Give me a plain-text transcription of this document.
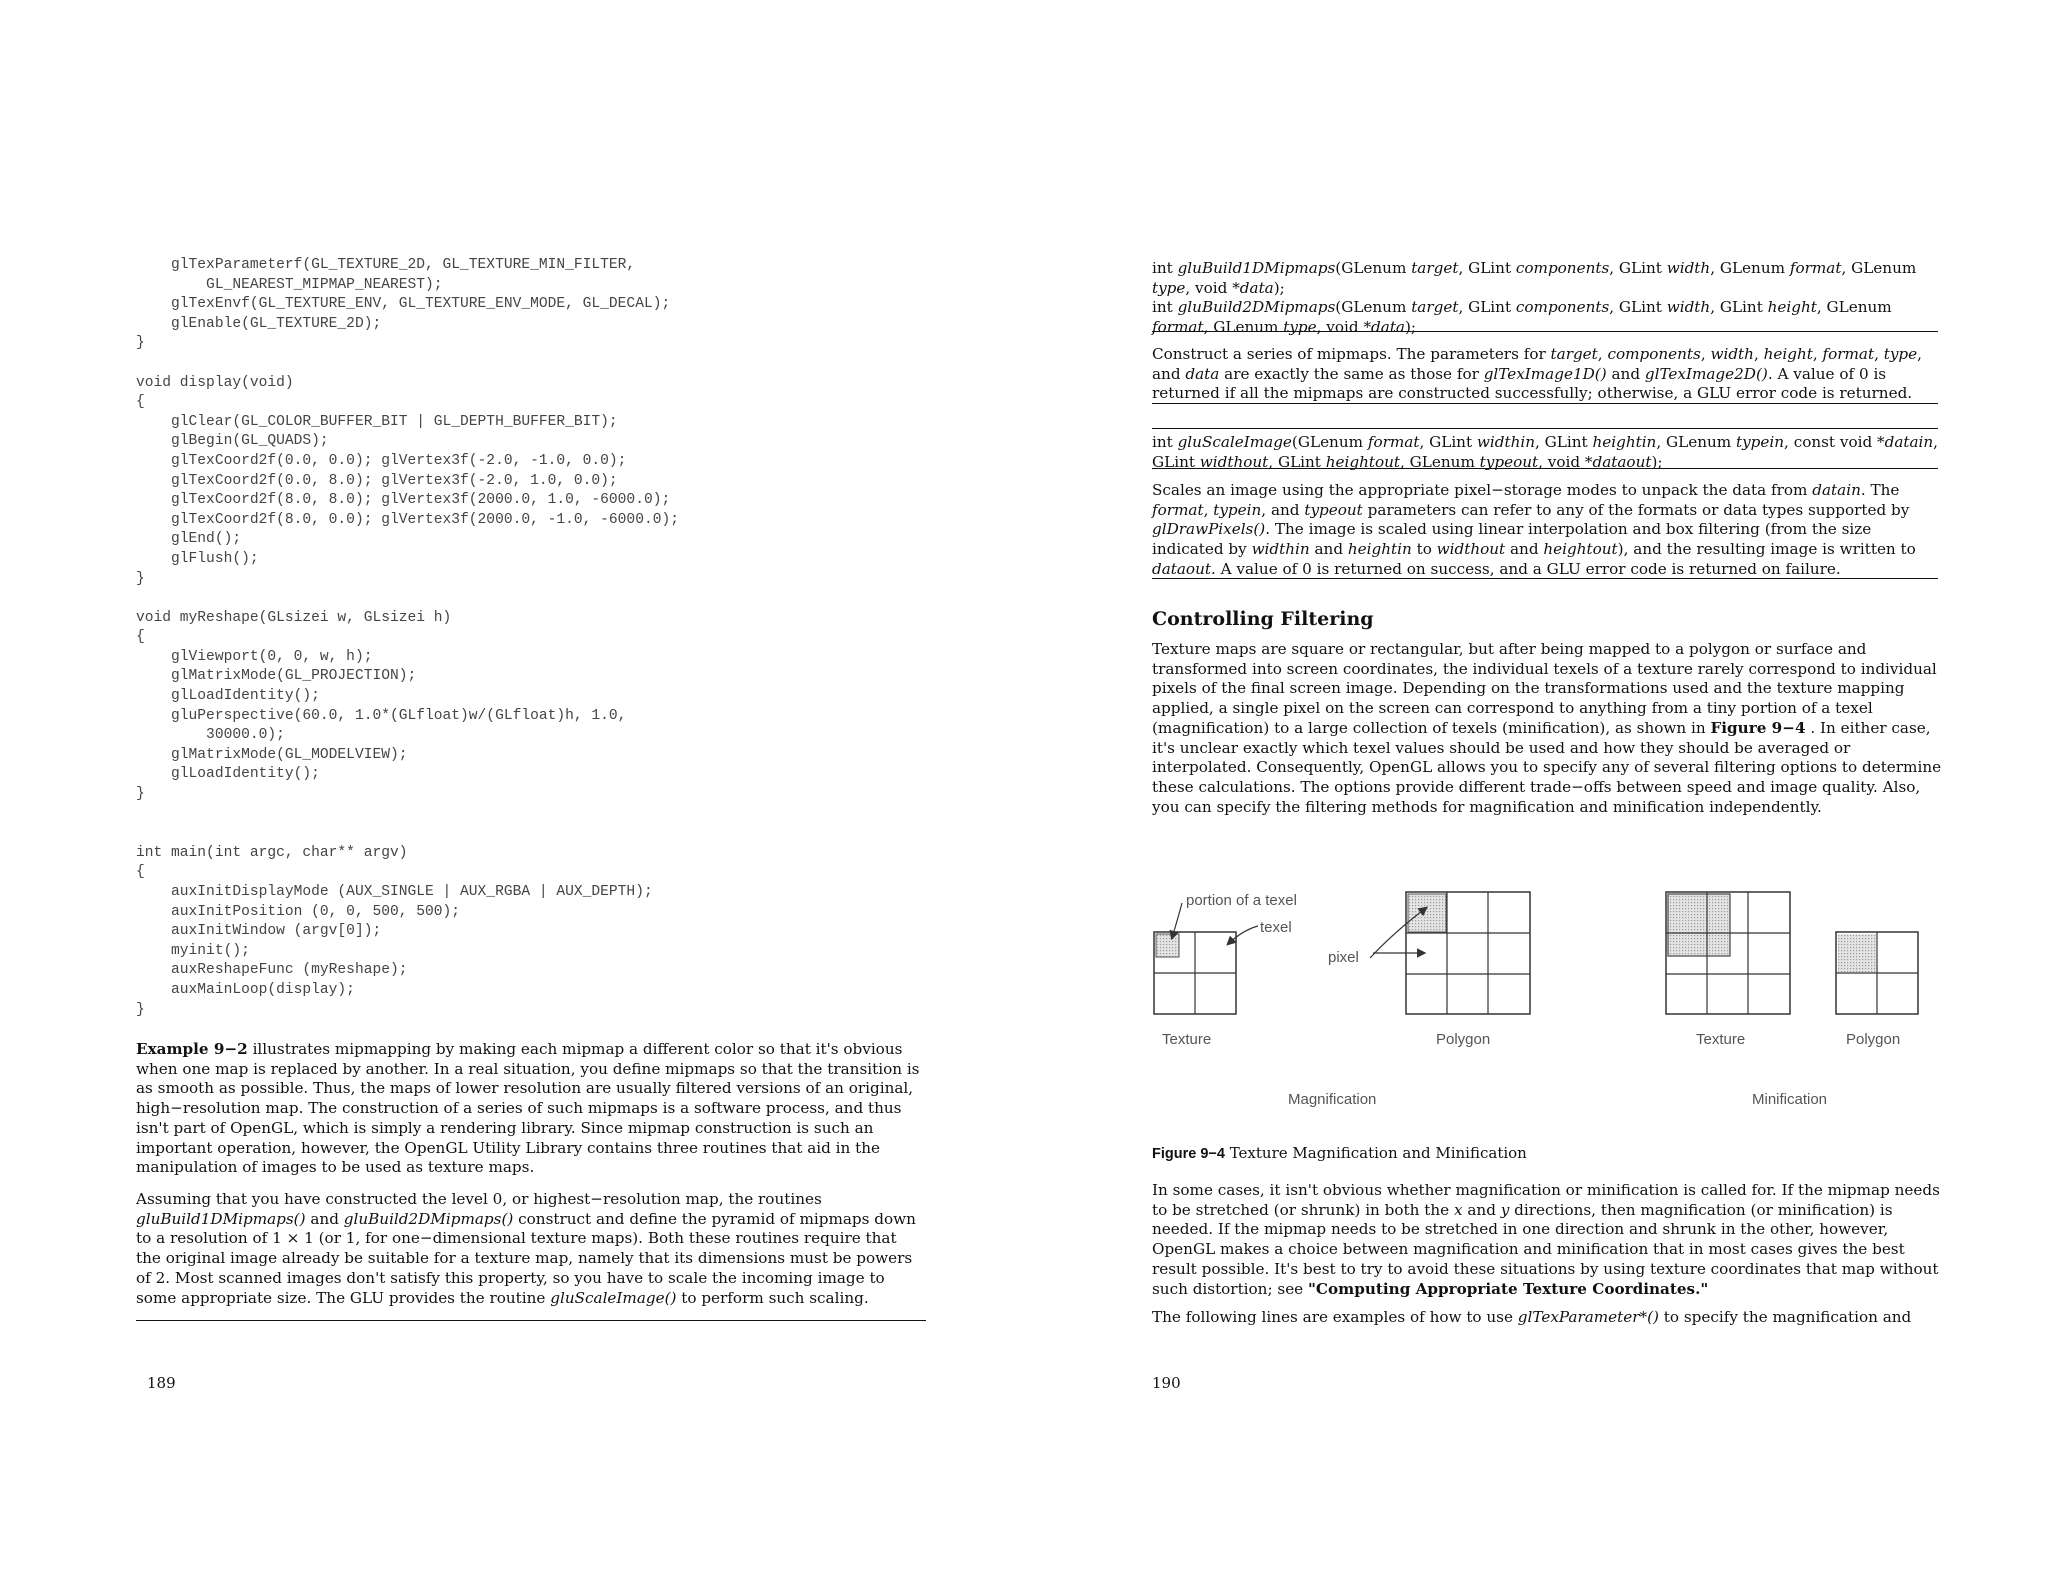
glTexParameterf(GL_TEXTURE_2D, GL_TEXTURE_MIN_FILTER,
GL_NEAREST_MIPMAP_NEAREST);
glTexEnvf(GL_TEXTURE_ENV, GL_TEXTURE_ENV_MODE, GL_DECAL);
glEnable(GL_TEXTURE_2D);
}
void display(void)
{
glClear(GL_COLOR_BUFFER_BIT | GL_DEPTH_BUFFER_BIT);
glBegin(GL_QUADS);
glTexCoord2f(0.0, 0.0); glVertex3f(-2.0, -1.0, 0.0);
glTexCoord2f(0.0, 8.0); glVertex3f(-2.0, 1.0, 0.0);
glTexCoord2f(8.0, 8.0); glVertex3f(2000.0, 1.0, -6000.0);
glTexCoord2f(8.0, 0.0); glVertex3f(2000.0, -1.0, -6000.0);
glEnd();
glFlush();
}
void myReshape(GLsizei w, GLsizei h)
{
glViewport(0, 0, w, h);
glMatrixMode(GL_PROJECTION);
glLoadIdentity();
gluPerspective(60.0, 1.0*(GLfloat)w/(GLfloat)h, 1.0,
30000.0);
glMatrixMode(GL_MODELVIEW);
glLoadIdentity();
}
int main(int argc, char** argv)
{
auxInitDisplayMode (AUX_SINGLE | AUX_RGBA | AUX_DEPTH);
auxInitPosition (0, 0, 500, 500);
auxInitWindow (argv[0]);
myinit();
auxReshapeFunc (myReshape);
auxMainLoop(display);
}

Example 9−2 illustrates mipmapping by making each mipmap a different color so that it's obvious when one map is replaced by another. In a real situation, you define mipmaps so that the transition is as smooth as possible. Thus, the maps of lower resolution are usually filtered versions of an original, high−resolution map. The construction of a series of such mipmaps is a software process, and thus isn't part of OpenGL, which is simply a rendering library. Since mipmap construction is such an important operation, however, the OpenGL Utility Library contains three routines that aid in the manipulation of images to be used as texture maps.

Assuming that you have constructed the level 0, or highest−resolution map, the routines gluBuild1DMipmaps() and gluBuild2DMipmaps() construct and define the pyramid of mipmaps down to a resolution of 1 × 1 (or 1, for one−dimensional texture maps). Both these routines require that the original image already be suitable for a texture map, namely that its dimensions must be powers of 2. Most scanned images don't satisfy this property, so you have to scale the incoming image to some appropriate size. The GLU provides the routine gluScaleImage() to perform such scaling.

189

int gluBuild1DMipmaps(GLenum target, GLint components, GLint width, GLenum format, GLenum type, void *data);
int gluBuild2DMipmaps(GLenum target, GLint components, GLint width, GLint height, GLenum format, GLenum type, void *data);

Construct a series of mipmaps. The parameters for target, components, width, height, format, type, and data are exactly the same as those for glTexImage1D() and glTexImage2D(). A value of 0 is returned if all the mipmaps are constructed successfully; otherwise, a GLU error code is returned.

int gluScaleImage(GLenum format, GLint widthin, GLint heightin, GLenum typein, const void *datain, GLint widthout, GLint heightout, GLenum typeout, void *dataout);

Scales an image using the appropriate pixel−storage modes to unpack the data from datain. The format, typein, and typeout parameters can refer to any of the formats or data types supported by glDrawPixels(). The image is scaled using linear interpolation and box filtering (from the size indicated by widthin and heightin to widthout and heightout), and the resulting image is written to dataout. A value of 0 is returned on success, and a GLU error code is returned on failure.

Controlling Filtering

Texture maps are square or rectangular, but after being mapped to a polygon or surface and transformed into screen coordinates, the individual texels of a texture rarely correspond to individual pixels of the final screen image. Depending on the transformations used and the texture mapping applied, a single pixel on the screen can correspond to anything from a tiny portion of a texel (magnification) to a large collection of texels (minification), as shown in Figure 9−4 . In either case, it's unclear exactly which texel values should be used and how they should be averaged or interpolated. Consequently, OpenGL allows you to specify any of several filtering options to determine these calculations. The options provide different trade−offs between speed and image quality. Also, you can specify the filtering methods for magnification and minification independently.

portion of a texel
texel
Texture
pixel
Polygon
Magnification
Texture	Polygon
Minification

Figure 9−4 Texture Magnification and Minification

In some cases, it isn't obvious whether magnification or minification is called for. If the mipmap needs to be stretched (or shrunk) in both the x and y directions, then magnification (or minification) is needed. If the mipmap needs to be stretched in one direction and shrunk in the other, however, OpenGL makes a choice between magnification and minification that in most cases gives the best result possible. It's best to try to avoid these situations by using texture coordinates that map without such distortion; see "Computing Appropriate Texture Coordinates."

The following lines are examples of how to use glTexParameter*() to specify the magnification and

190
